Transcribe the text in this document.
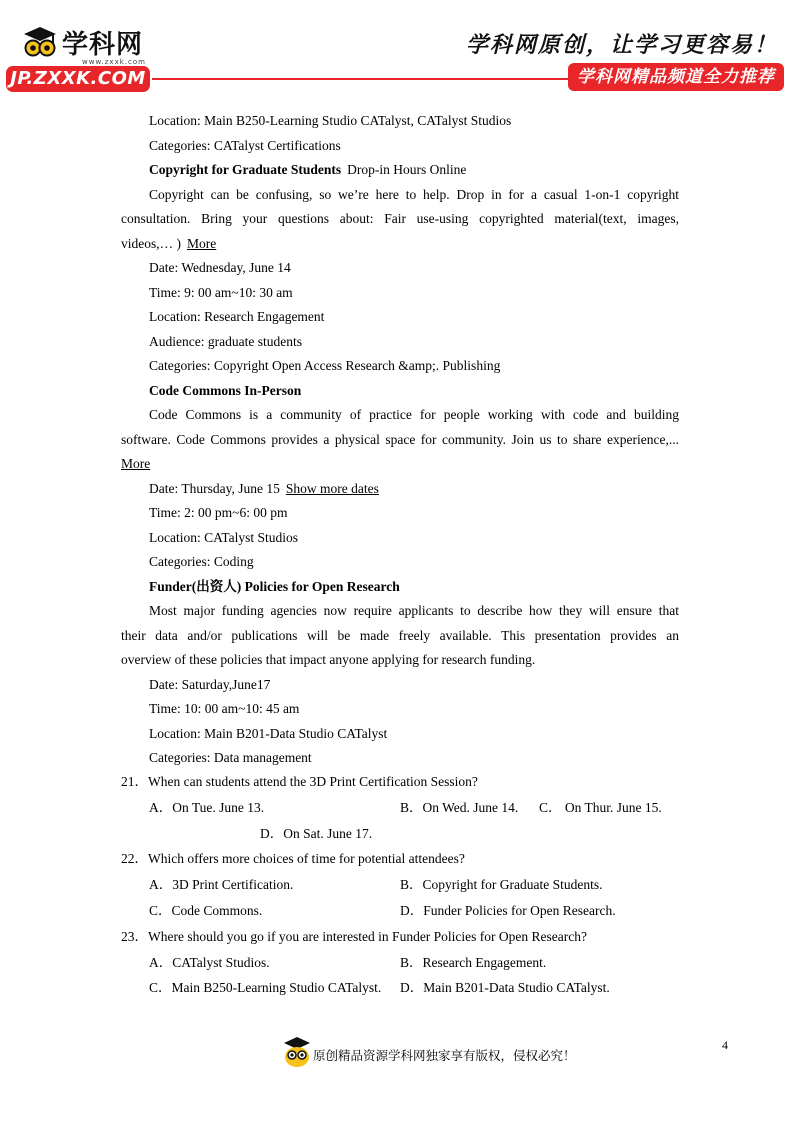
学科网
www.zxxk.com
JP.ZXXK.COM
学科网原创，让学习更容易！
学科网精品频道全力推荐
Location: Main B250-Learning Studio CATalyst, CATalyst Studios
Categories: CATalyst Certifications
Copyright for Graduate Students Drop-in Hours Online
Copyright can be confusing, so we’re here to help. Drop in for a casual 1-on-1 copyright
consultation. Bring your questions about: Fair use-using copyrighted material(text, images,
videos,… ) More
Date: Wednesday, June 14
Time: 9: 00 am~10: 30 am
Location: Research Engagement
Audience: graduate students
Categories: Copyright Open Access Research &amp;. Publishing
Code Commons In-Person
Code Commons is a community of practice for people working with code and building
software. Code Commons provides a physical space for community. Join us to share experience,...
More
Date: Thursday, June 15 Show more dates
Time: 2: 00 pm~6: 00 pm
Location: CATalyst Studios
Categories: Coding
Funder(出资人) Policies for Open Research
Most major funding agencies now require applicants to describe how they will ensure that
their data and/or publications will be made freely available. This presentation provides an
overview of these policies that impact anyone applying for research funding.
Date: Saturday,June17
Time: 10: 00 am~10: 45 am
Location: Main B201-Data Studio CATalyst
Categories: Data management
21．When can students attend the 3D Print Certification Session?
A．On Tue. June 13.	B．On Wed. June 14. C． On Thur. June 15.
D．On Sat. June 17.
22．Which offers more choices of time for potential attendees?
A．3D Print Certification.	B．Copyright for Graduate Students.
C．Code Commons.	D．Funder Policies for Open Research.
23．Where should you go if you are interested in Funder Policies for Open Research?
A．CATalyst Studios.	B．Research Engagement.
C．Main B250-Learning Studio CATalyst. D．Main B201-Data Studio CATalyst.
4
原创精品资源学科网独家享有版权，侵权必究！
